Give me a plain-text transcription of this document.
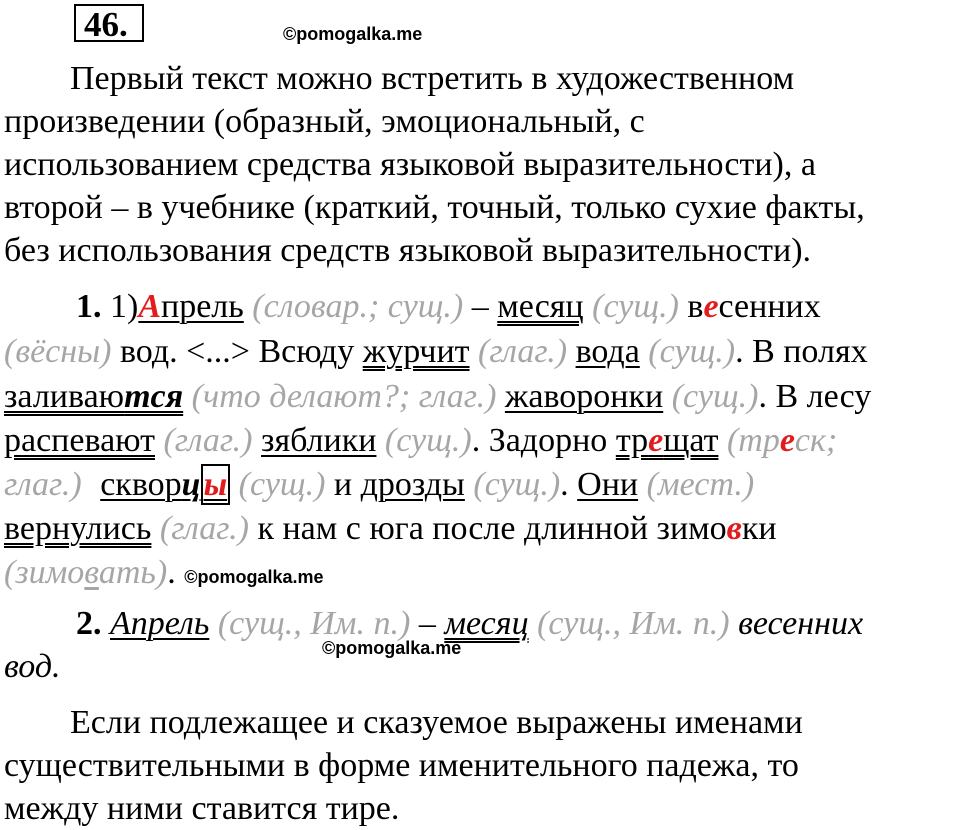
46.	©pomogalka.me
Первый текст можно встретить в художественном
произведении (образный, эмоциональный, с
использованием средства языковой выразительности), а
второй – в учебнике (краткий, точный, только сухие факты,
без использования средств языковой выразительности).
1. 1)Апрель (словар.; сущ.) – месяц (сущ.) весенних
(вёсны) вод. <...> Всюду журчит (глаг.) вода (сущ.). В полях
заливаются (что делают?; глаг.) жаворонки (сущ.). В лесу
распевают (глаг.) зяблики (сущ.). Задорно трещат (треск;
глаг.) скворцы (сущ.) и дрозды (сущ.). Они (мест.)
вернулись (глаг.) к нам с юга после длинной зимовки
(зимовать). ©pomogalka.me
2. Апрель (сущ., Им. п.) – месяц (сущ., Им. п.) весенних
вод.	©pomogalka.me
Если подлежащее и сказуемое выражены именами
существительными в форме именительного падежа, то
между ними ставится тире.
